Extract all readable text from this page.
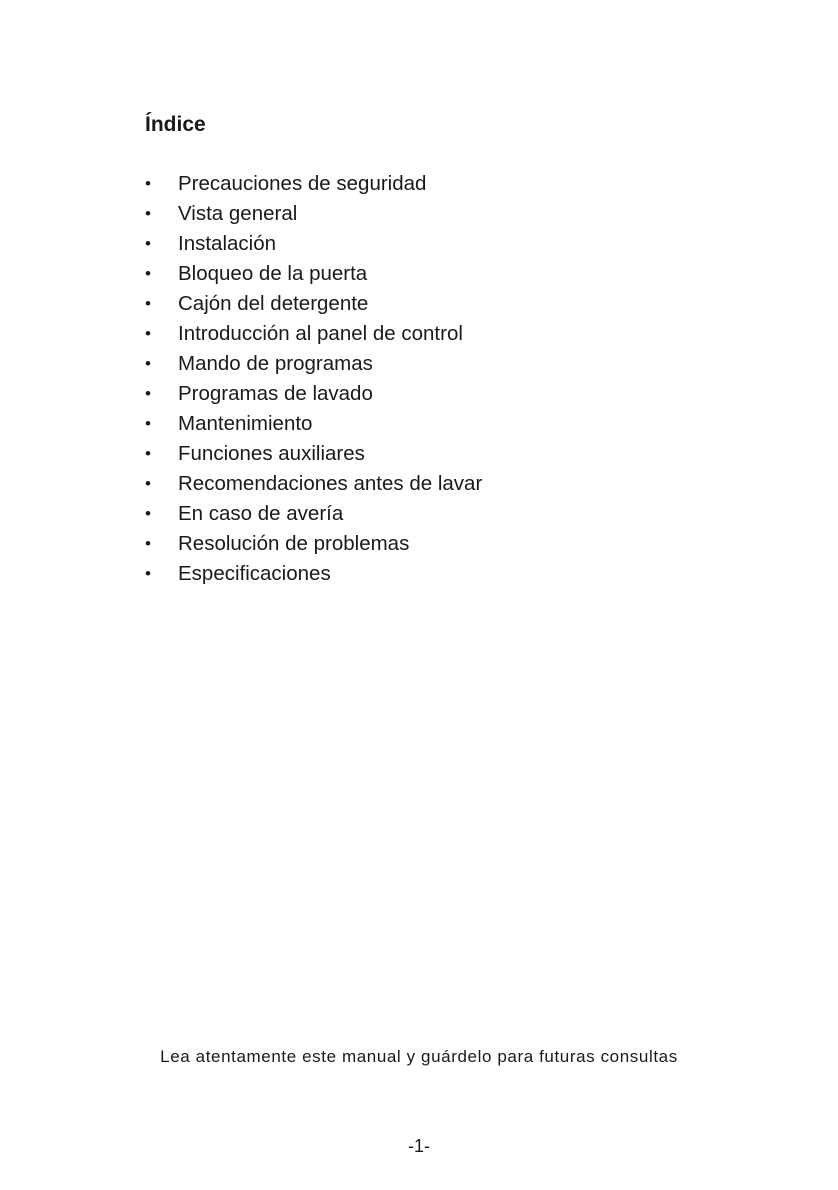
Índice
•	Precauciones de seguridad
•	Vista general
•	Instalación
•	Bloqueo de la puerta
•	Cajón del detergente
•	Introducción al panel de control
•	Mando de programas
•	Programas de lavado
•	Mantenimiento
•	Funciones auxiliares
•	Recomendaciones antes de lavar
•	En caso de avería
•	Resolución de problemas
•	Especificaciones
Lea atentamente este manual y guárdelo para futuras consultas
-1-
